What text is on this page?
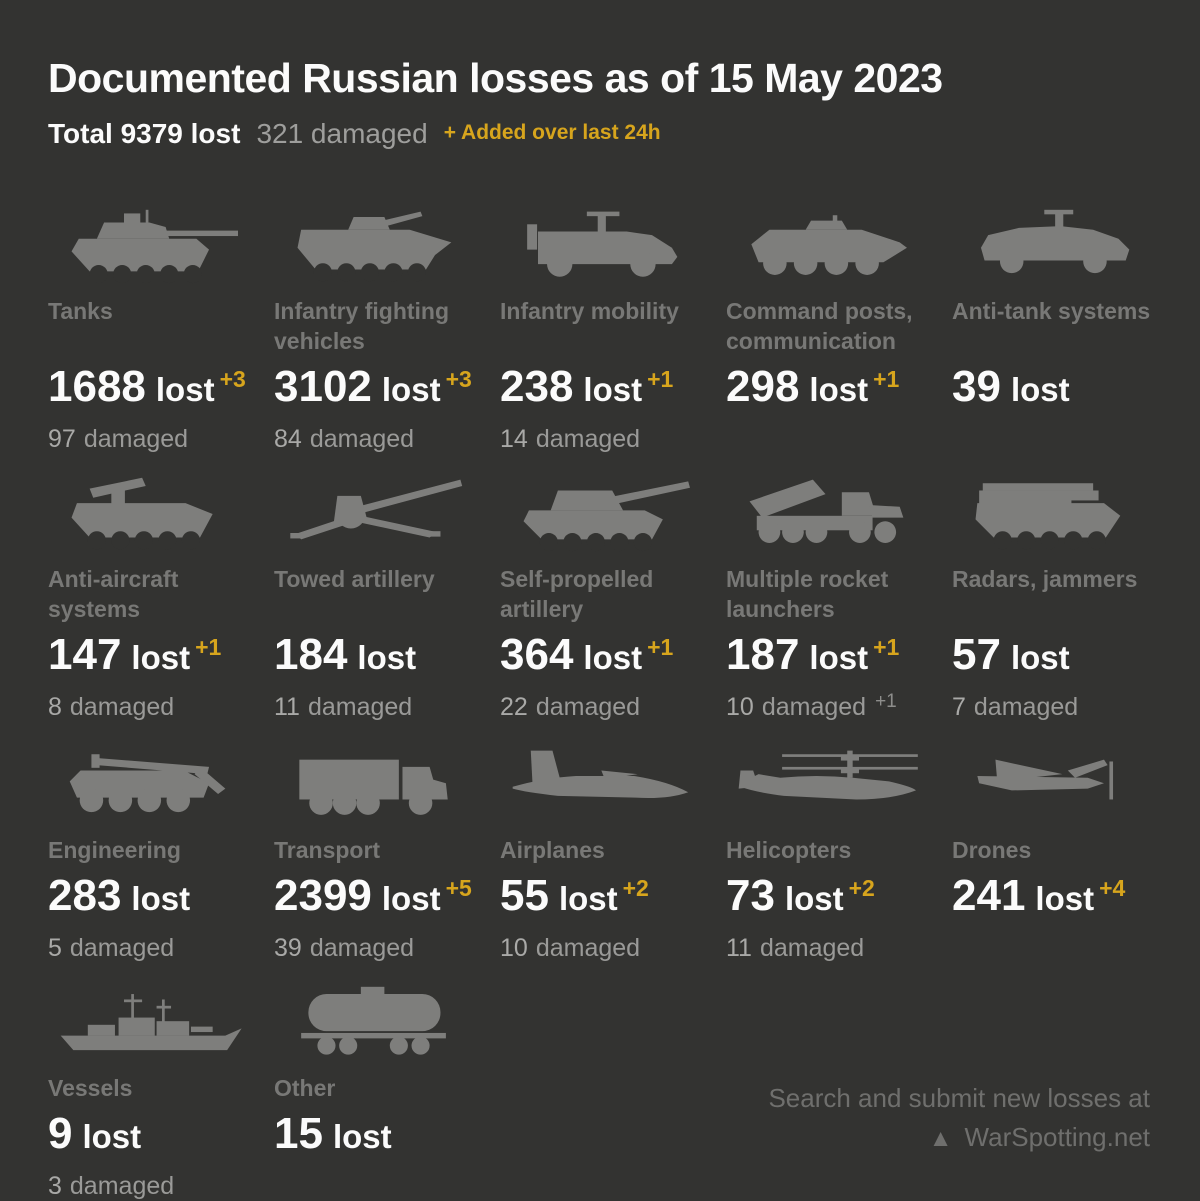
Documented Russian losses as of 15 May 2023
Total 9379 lost 321 damaged + Added over last 24h
Tanks
1688 lost +3
97 damaged
Infantry fighting vehicles
3102 lost +3
84 damaged
Infantry mobility
238 lost +1
14 damaged
Command posts, communication
298 lost +1
Anti-tank systems
39 lost
Anti-aircraft systems
147 lost +1
8 damaged
Towed artillery
184 lost
11 damaged
Self-propelled artillery
364 lost +1
22 damaged
Multiple rocket launchers
187 lost +1
10 damaged $^{+1}$
Radars, jammers
57 lost
7 damaged
Engineering
283 lost
5 damaged
Transport
2399 lost +5
39 damaged
Airplanes
55 lost +2
10 damaged
Helicopters
73 lost +2
11 damaged
Drones
241 lost +4
Vessels
9 lost
3 damaged
Other
15 lost
Search and submit new losses at
▲ WarSpotting.net
